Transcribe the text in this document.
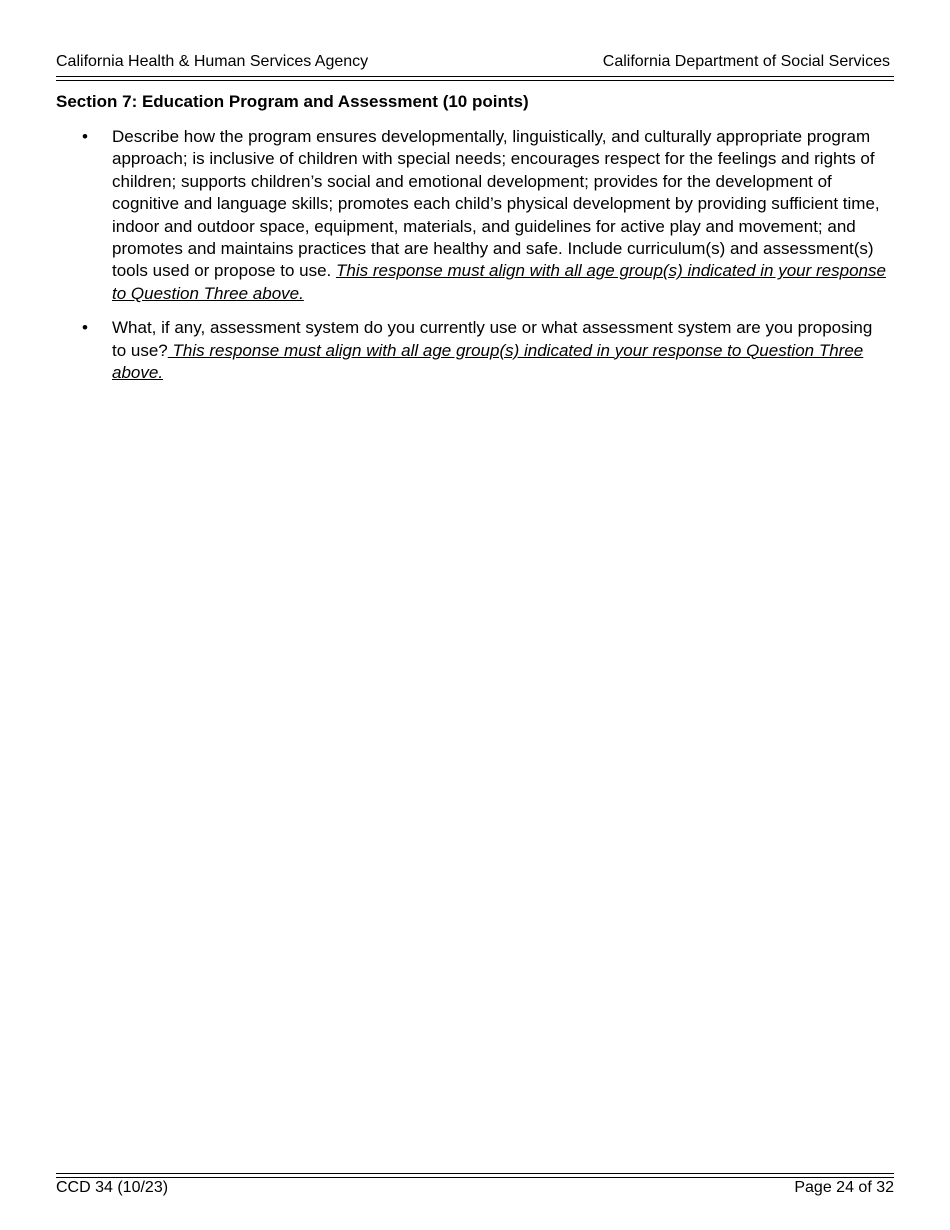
California Health & Human Services Agency	California Department of Social Services
Section 7: Education Program and Assessment (10 points)
• Describe how the program ensures developmentally, linguistically, and culturally appropriate program approach; is inclusive of children with special needs; encourages respect for the feelings and rights of children; supports children’s social and emotional development; provides for the development of cognitive and language skills; promotes each child’s physical development by providing sufficient time, indoor and outdoor space, equipment, materials, and guidelines for active play and movement; and promotes and maintains practices that are healthy and safe. Include curriculum(s) and assessment(s) tools used or propose to use. This response must align with all age group(s) indicated in your response to Question Three above.
• What, if any, assessment system do you currently use or what assessment system are you proposing to use? This response must align with all age group(s) indicated in your response to Question Three above.
CCD 34 (10/23)	Page 24 of 32
